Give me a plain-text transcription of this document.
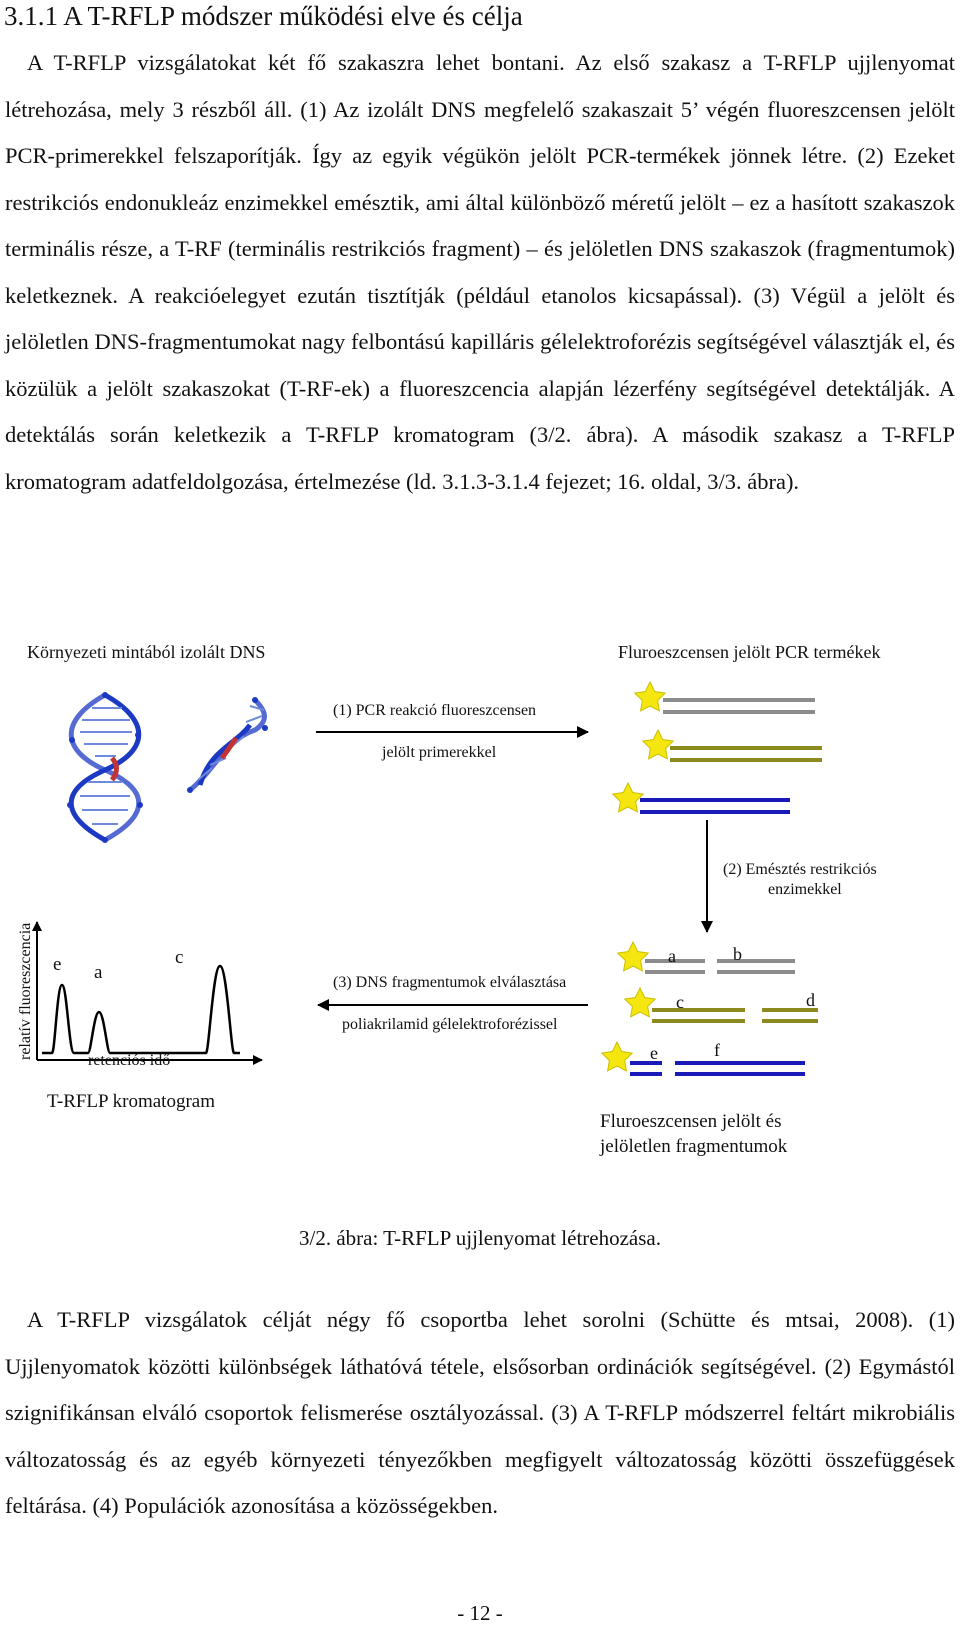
3.1.1 A T-RFLP módszer működési elve és célja

A T-RFLP vizsgálatokat két fő szakaszra lehet bontani. Az első szakasz a T-RFLP ujjlenyomat létrehozása, mely 3 részből áll. (1) Az izolált DNS megfelelő szakaszait 5’ végén fluoreszcensen jelölt PCR-primerekkel felszaporítják. Így az egyik végükön jelölt PCR-termékek jönnek létre. (2) Ezeket restrikciós endonukleáz enzimekkel emésztik, ami által különböző méretű jelölt – ez a hasított szakaszok terminális része, a T-RF (terminális restrikciós fragment) – és jelöletlen DNS szakaszok (fragmentumok) keletkeznek. A reakcióelegyet ezután tisztítják (például etanolos kicsapással). (3) Végül a jelölt és jelöletlen DNS-fragmentumokat nagy felbontású kapilláris gélelektroforézis segítségével választják el, és közülük a jelölt szakaszokat (T-RF-ek) a fluoreszcencia alapján lézerfény segítségével detektálják. A detektálás során keletkezik a T-RFLP kromatogram (3/2. ábra). A második szakasz a T-RFLP kromatogram adatfeldolgozása, értelmezése (ld. 3.1.3-3.1.4 fejezet; 16. oldal, 3/3. ábra).

Környezeti mintából izolált DNS	Fluroeszcensen jelölt PCR termékek
(1) PCR reakció fluoreszcensen
jelölt primerekkel
(2) Emésztés restrikciós
enzimekkel
(3) DNS fragmentumok elválasztása
poliakrilamid gélelektroforézissel
a	b
c	d
e	f
Fluroeszcensen jelölt és
jelöletlen fragmentumok
relatív fluoreszcencia
retenciós idő
e a
c
T-RFLP kromatogram
3/2. ábra: T-RFLP ujjlenyomat létrehozása.

A T-RFLP vizsgálatok célját négy fő csoportba lehet sorolni (Schütte és mtsai, 2008). (1) Ujjlenyomatok közötti különbségek láthatóvá tétele, elsősorban ordinációk segítségével. (2) Egymástól szignifikánsan elváló csoportok felismerése osztályozással. (3) A T-RFLP módszerrel feltárt mikrobiális változatosság és az egyéb környezeti tényezőkben megfigyelt változatosság közötti összefüggések feltárása. (4) Populációk azonosítása a közösségekben.

- 12 -
